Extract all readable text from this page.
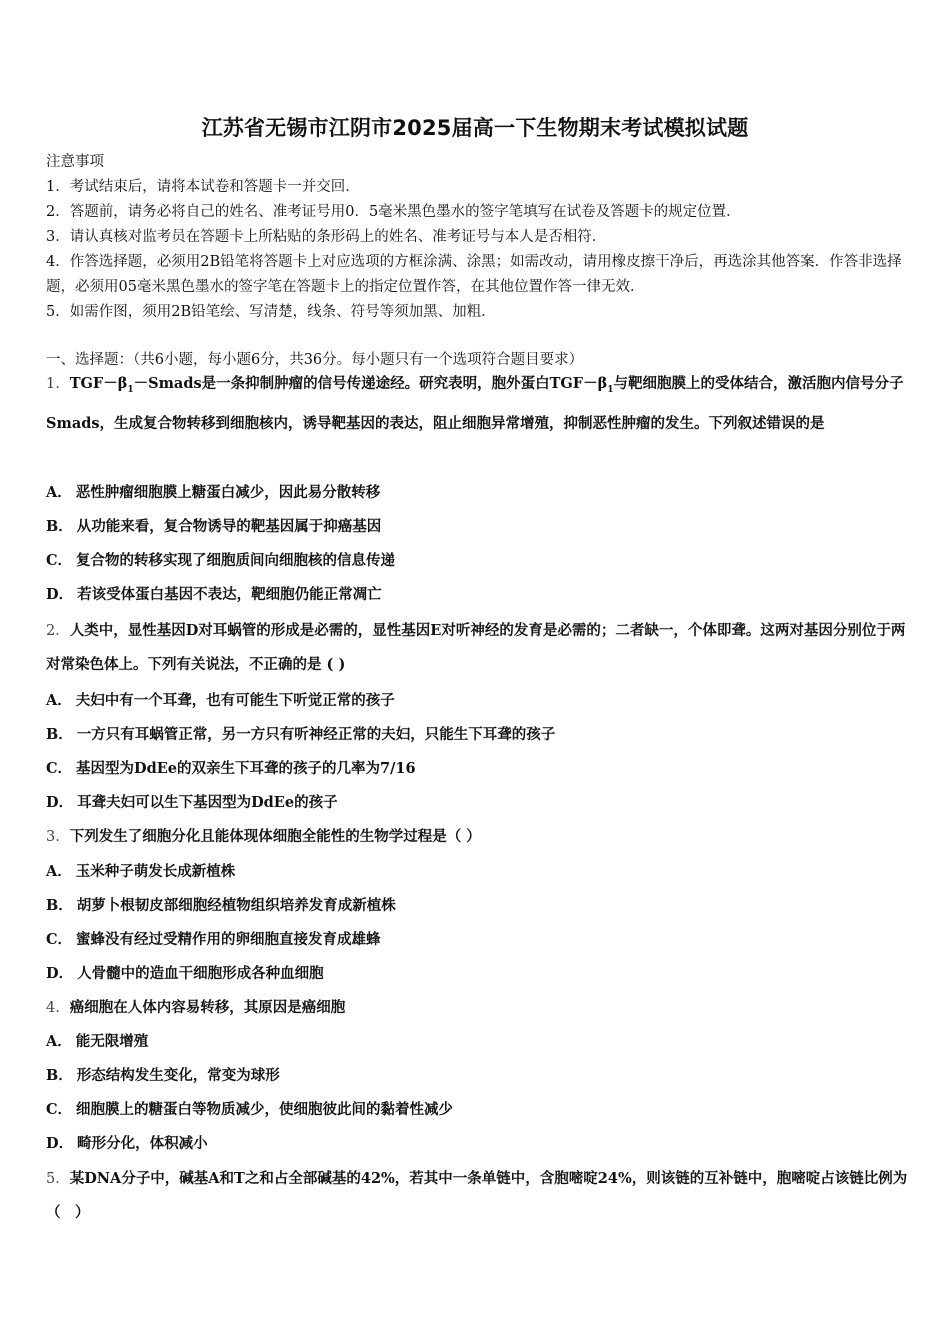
江苏省无锡市江阴市2025届高一下生物期末考试模拟试题
注意事项
1．考试结束后，请将本试卷和答题卡一并交回．
2．答题前，请务必将自己的姓名、准考证号用0．5毫米黑色墨水的签字笔填写在试卷及答题卡的规定位置．
3．请认真核对监考员在答题卡上所粘贴的条形码上的姓名、准考证号与本人是否相符．
4．作答选择题，必须用2B铅笔将答题卡上对应选项的方框涂满、涂黑；如需改动，请用橡皮擦干净后，再选涂其他答案．作答非选择题，必须用05毫米黑色墨水的签字笔在答题卡上的指定位置作答，在其他位置作答一律无效．
5．如需作图，须用2B铅笔绘、写清楚，线条、符号等须加黑、加粗．
一、选择题：（共6小题，每小题6分，共36分。每小题只有一个选项符合题目要求）
1．$TGF-\beta_1-Smads$是一条抑制肿瘤的信号传递途经。研究表明，胞外蛋白$TGF-\beta_1$与靶细胞膜上的受体结合，激活胞内信号分子Smads，生成复合物转移到细胞核内，诱导靶基因的表达，阻止细胞异常增殖，抑制恶性肿瘤的发生。下列叙述错误的是
A． 恶性肿瘤细胞膜上糖蛋白减少，因此易分散转移
B． 从功能来看，复合物诱导的靶基因属于抑癌基因
C． 复合物的转移实现了细胞质间向细胞核的信息传递
D． 若该受体蛋白基因不表达，靶细胞仍能正常凋亡
2．人类中，显性基因D对耳蜗管的形成是必需的，显性基因E对听神经的发育是必需的；二者缺一，个体即聋。这两对基因分别位于两对常染色体上。下列有关说法，不正确的是 ( )
A． 夫妇中有一个耳聋，也有可能生下听觉正常的孩子
B． 一方只有耳蜗管正常，另一方只有听神经正常的夫妇，只能生下耳聋的孩子
C． 基因型为DdEe的双亲生下耳聋的孩子的几率为7/16
D． 耳聋夫妇可以生下基因型为DdEe的孩子
3．下列发生了细胞分化且能体现体细胞全能性的生物学过程是（ ）
A． 玉米种子萌发长成新植株
B． 胡萝卜根韧皮部细胞经植物组织培养发育成新植株
C． 蜜蜂没有经过受精作用的卵细胞直接发育成雄蜂
D． 人骨髓中的造血干细胞形成各种血细胞
4．癌细胞在人体内容易转移，其原因是癌细胞
A． 能无限增殖
B． 形态结构发生变化，常变为球形
C． 细胞膜上的糖蛋白等物质减少，使细胞彼此间的黏着性减少
D． 畸形分化，体积减小
5．某DNA分子中，碱基A和T之和占全部碱基的42%，若其中一条单链中，含胞嘧啶24%，则该链的互补链中，胞嘧啶占该链比例为（　）
